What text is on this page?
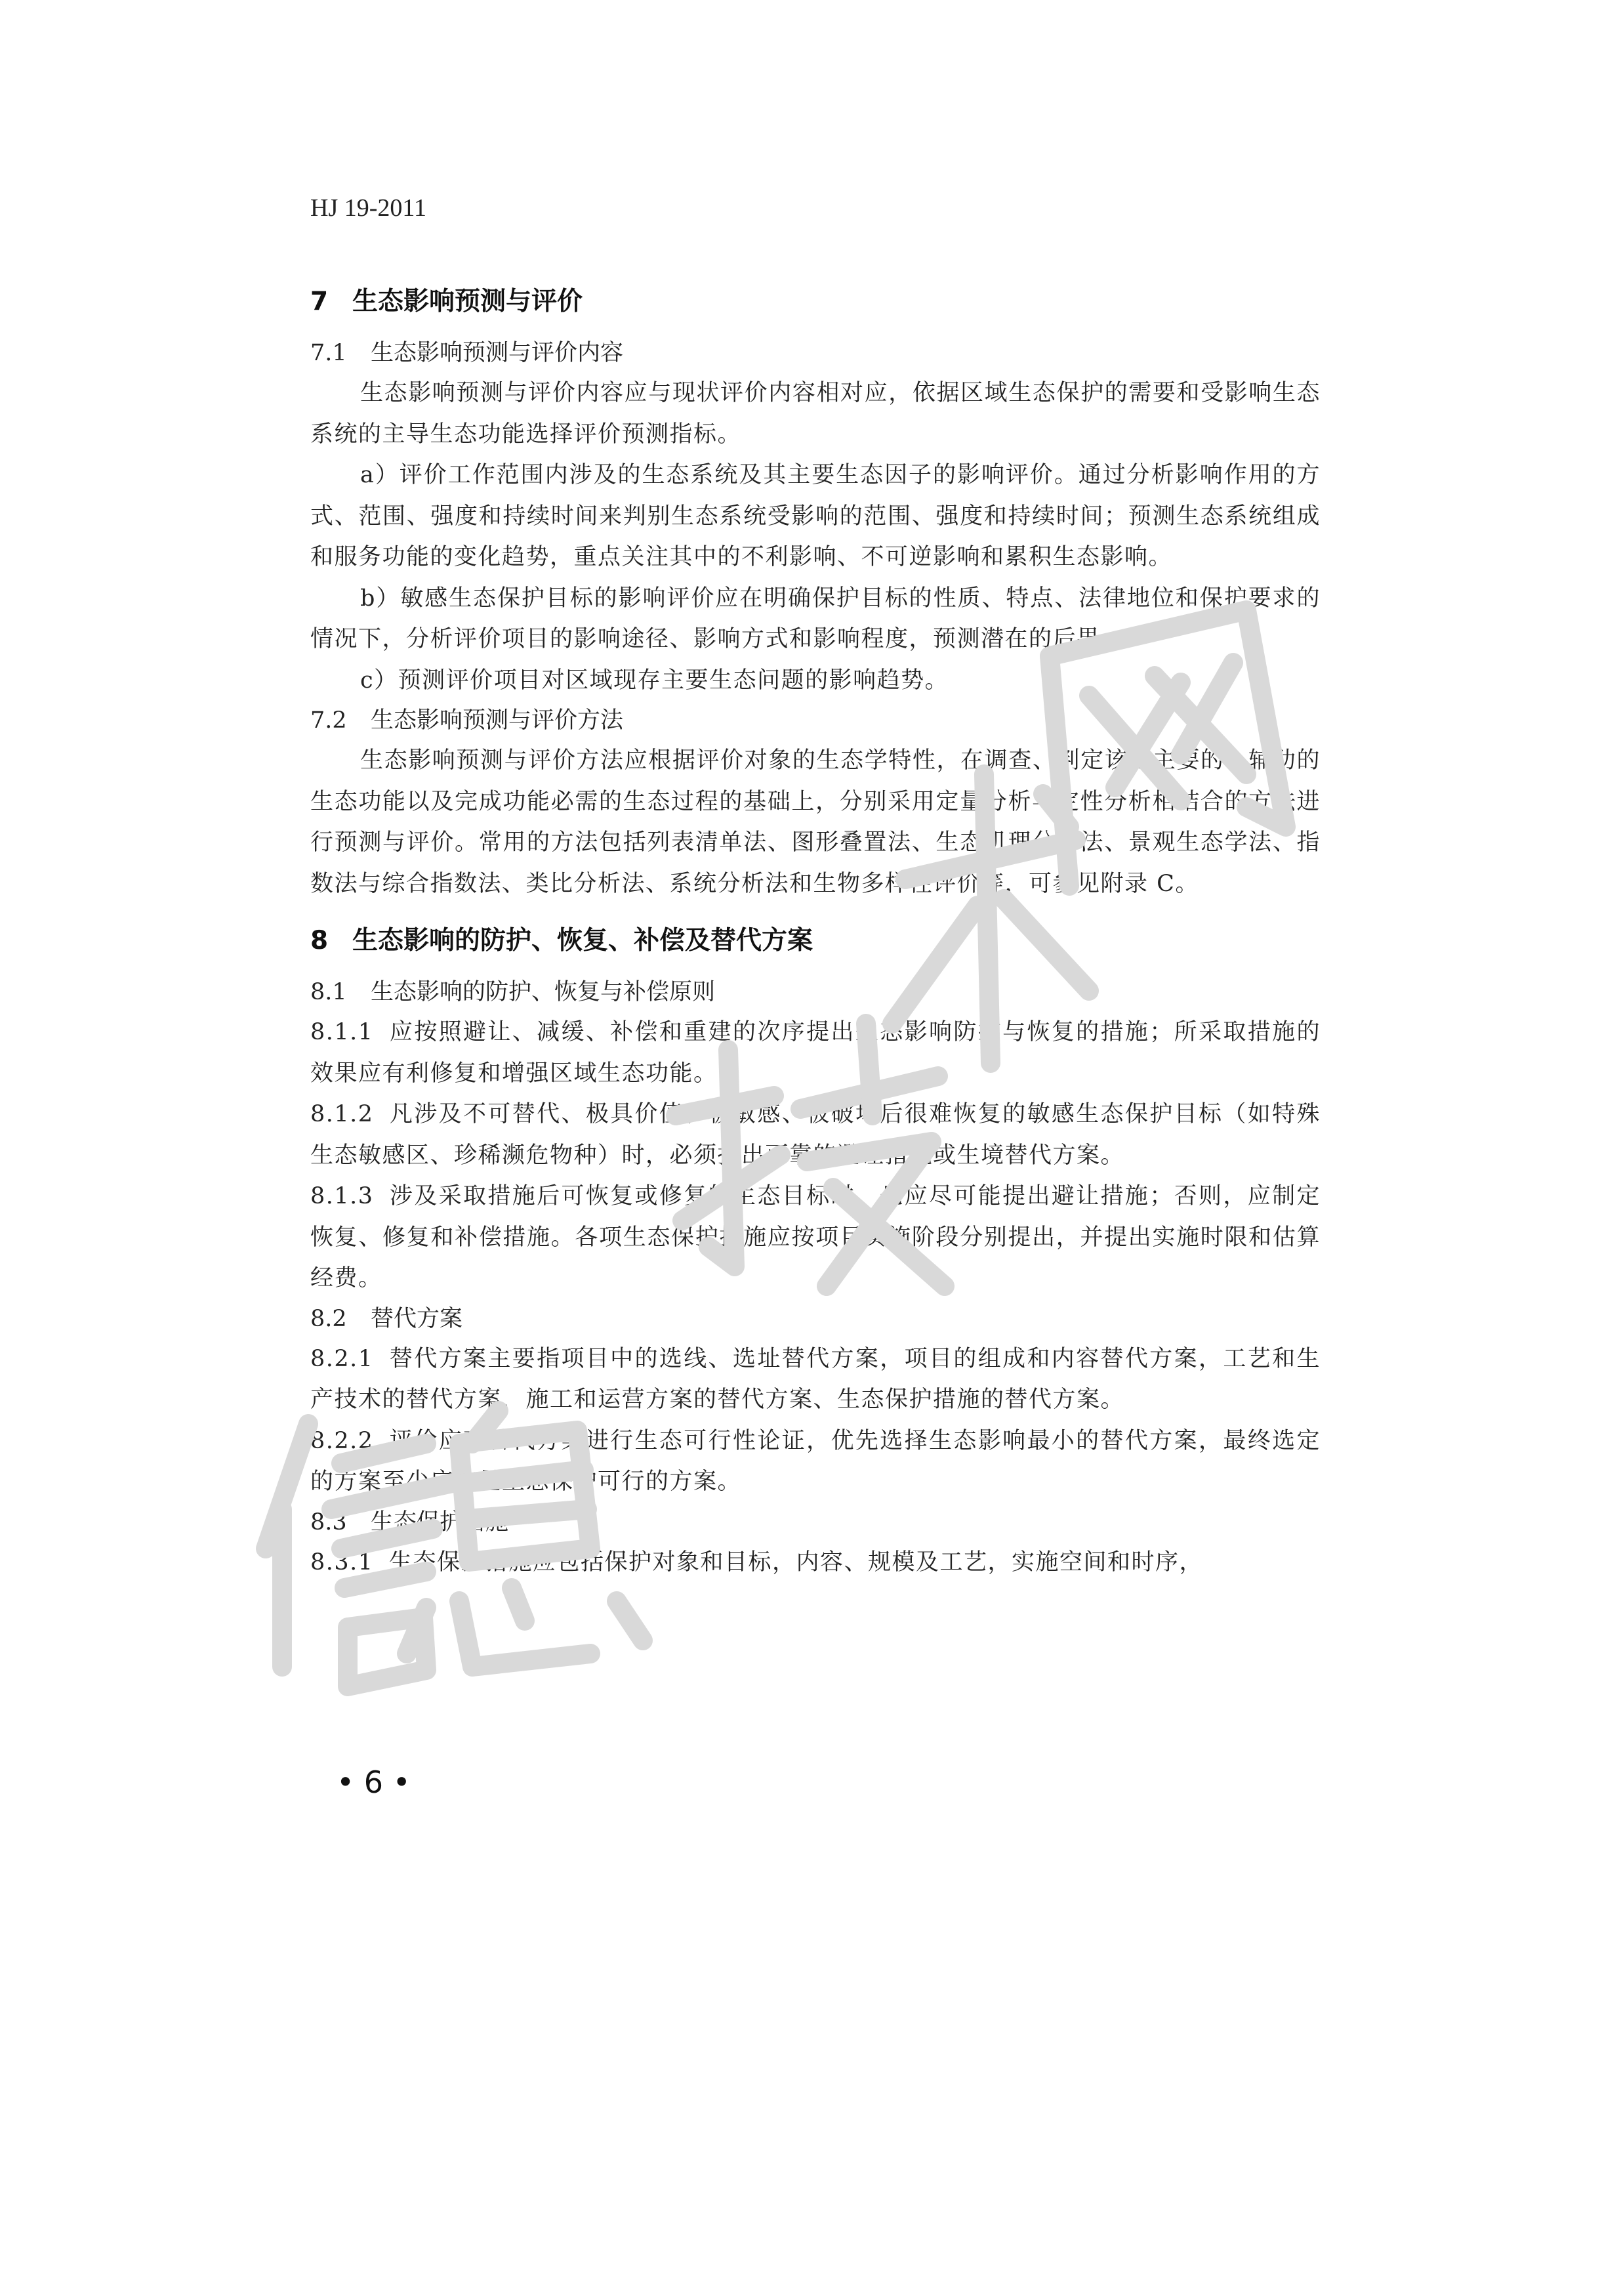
HJ 19-2011
7 生态影响预测与评价
7.1 生态影响预测与评价内容

生态影响预测与评价内容应与现状评价内容相对应，依据区域生态保护的需要和受影响生态系统的主导生态功能选择评价预测指标。

a）评价工作范围内涉及的生态系统及其主要生态因子的影响评价。通过分析影响作用的方式、范围、强度和持续时间来判别生态系统受影响的范围、强度和持续时间；预测生态系统组成和服务功能的变化趋势，重点关注其中的不利影响、不可逆影响和累积生态影响。

b）敏感生态保护目标的影响评价应在明确保护目标的性质、特点、法律地位和保护要求的情况下，分析评价项目的影响途径、影响方式和影响程度，预测潜在的后果。

c）预测评价项目对区域现存主要生态问题的影响趋势。

7.2 生态影响预测与评价方法

生态影响预测与评价方法应根据评价对象的生态学特性，在调查、判定该区主要的、辅助的生态功能以及完成功能必需的生态过程的基础上，分别采用定量分析与定性分析相结合的方法进行预测与评价。常用的方法包括列表清单法、图形叠置法、生态机理分析法、景观生态学法、指数法与综合指数法、类比分析法、系统分析法和生物多样性评价等，可参见附录 C。

8 生态影响的防护、恢复、补偿及替代方案
8.1 生态影响的防护、恢复与补偿原则

8.1.1 应按照避让、减缓、补偿和重建的次序提出生态影响防护与恢复的措施；所采取措施的效果应有利修复和增强区域生态功能。

8.1.2 凡涉及不可替代、极具价值、极敏感、被破坏后很难恢复的敏感生态保护目标（如特殊生态敏感区、珍稀濒危物种）时，必须提出可靠的避让措施或生境替代方案。

8.1.3 涉及采取措施后可恢复或修复的生态目标时，也应尽可能提出避让措施；否则，应制定恢复、修复和补偿措施。各项生态保护措施应按项目实施阶段分别提出，并提出实施时限和估算经费。

8.2 替代方案

8.2.1 替代方案主要指项目中的选线、选址替代方案，项目的组成和内容替代方案，工艺和生产技术的替代方案，施工和运营方案的替代方案、生态保护措施的替代方案。

8.2.2 评价应对替代方案进行生态可行性论证，优先选择生态影响最小的替代方案，最终选定的方案至少应该是生态保护可行的方案。

8.3 生态保护措施

8.3.1 生态保护措施应包括保护对象和目标，内容、规模及工艺，实施空间和时序，

• 6 •
